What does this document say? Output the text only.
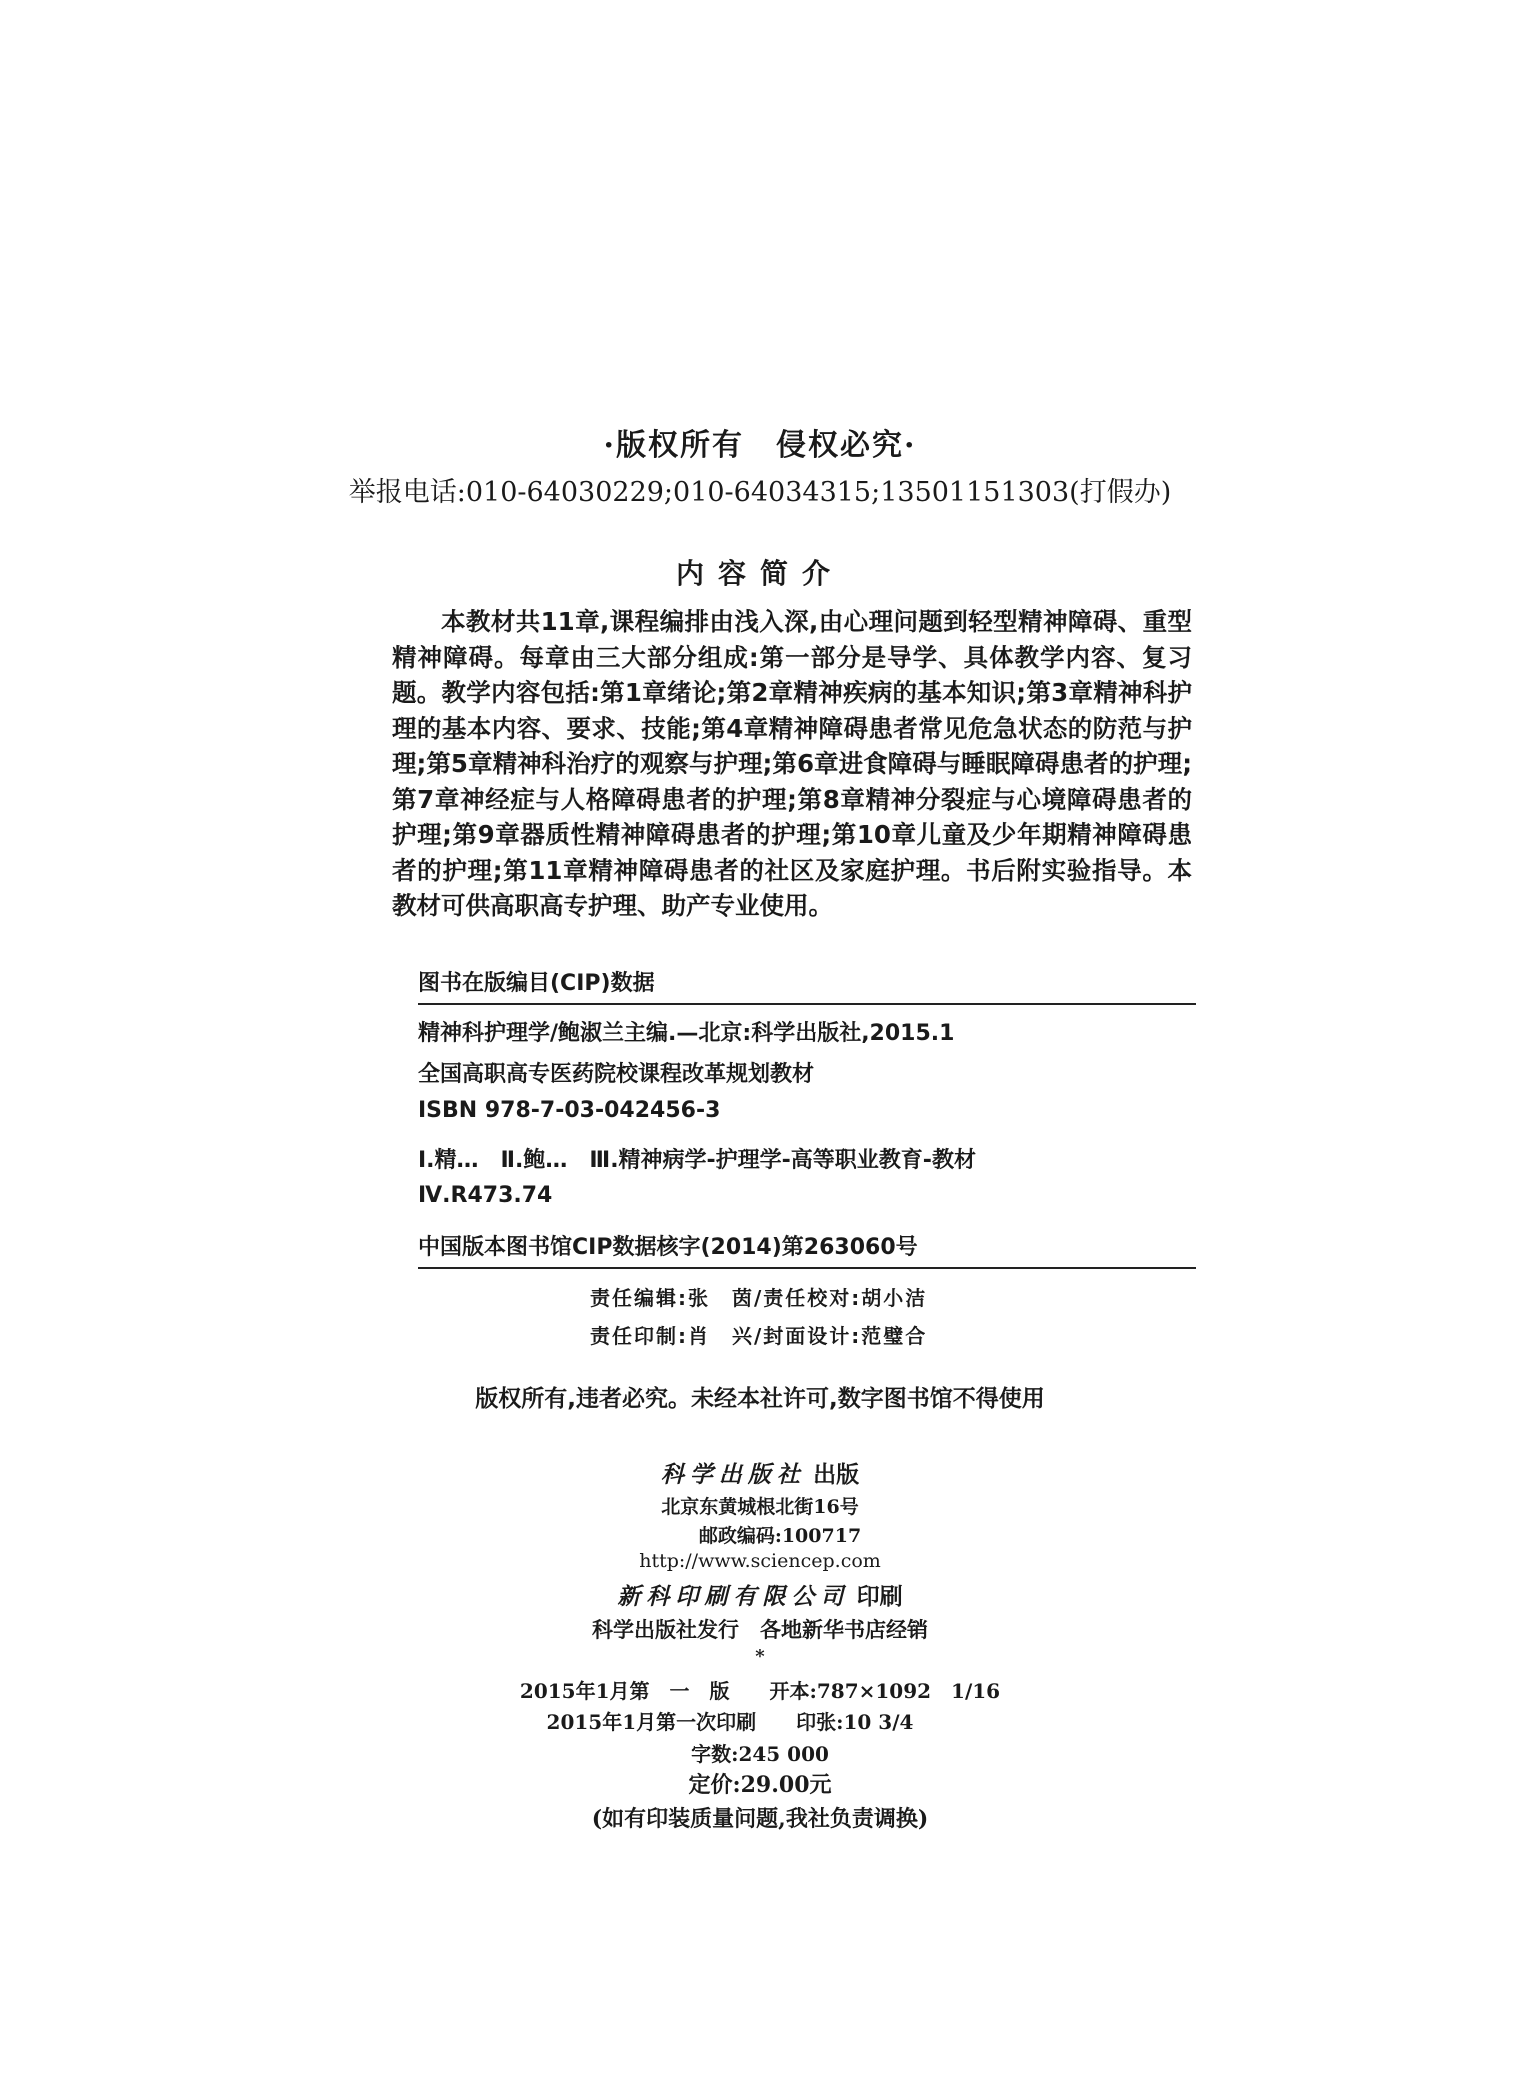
·版权所有　侵权必究·
举报电话:010-64030229;010-64034315;13501151303(打假办)
内容简介
本教材共11章,课程编排由浅入深,由心理问题到轻型精神障碍、重型精神障碍。每章由三大部分组成:第一部分是导学、具体教学内容、复习题。教学内容包括:第1章绪论;第2章精神疾病的基本知识;第3章精神科护理的基本内容、要求、技能;第4章精神障碍患者常见危急状态的防范与护理;第5章精神科治疗的观察与护理;第6章进食障碍与睡眠障碍患者的护理;第7章神经症与人格障碍患者的护理;第8章精神分裂症与心境障碍患者的护理;第9章器质性精神障碍患者的护理;第10章儿童及少年期精神障碍患者的护理;第11章精神障碍患者的社区及家庭护理。书后附实验指导。本教材可供高职高专护理、助产专业使用。
图书在版编目(CIP)数据
精神科护理学/鲍淑兰主编.—北京:科学出版社,2015.1
全国高职高专医药院校课程改革规划教材
ISBN 978-7-03-042456-3
Ⅰ.精…　Ⅱ.鲍…　Ⅲ.精神病学-护理学-高等职业教育-教材
Ⅳ.R473.74
中国版本图书馆CIP数据核字(2014)第263060号
责任编辑:张　茵/责任校对:胡小洁
责任印制:肖　兴/封面设计:范璧合
版权所有,违者必究。未经本社许可,数字图书馆不得使用
科学出版社 出版
北京东黄城根北街16号
邮政编码:100717
http://www.sciencep.com
新科印刷有限公司 印刷
科学出版社发行　各地新华书店经销
*
2015年1月第　一　版　　开本:787×1092　1/16
2015年1月第一次印刷　　印张:10 3/4
字数:245 000
定价:29.00元
(如有印装质量问题,我社负责调换)
